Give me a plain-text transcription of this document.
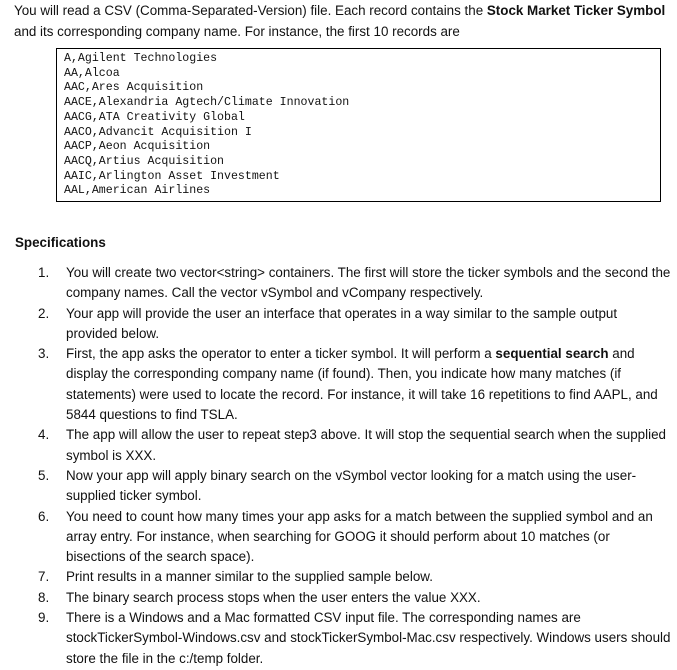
You will read a CSV (Comma-Separated-Version) file. Each record contains the Stock Market Ticker Symbol and its corresponding company name. For instance, the first 10 records are

A,Agilent Technologies
AA,Alcoa
AAC,Ares Acquisition
AACE,Alexandria Agtech/Climate Innovation
AACG,ATA Creativity Global
AACO,Advancit Acquisition I
AACP,Aeon Acquisition
AACQ,Artius Acquisition
AAIC,Arlington Asset Investment
AAL,American Airlines
Specifications
1. You will create two vector<string> containers. The first will store the ticker symbols and the second the company names. Call the vector vSymbol and vCompany respectively.
2. Your app will provide the user an interface that operates in a way similar to the sample output provided below.
3. First, the app asks the operator to enter a ticker symbol. It will perform a sequential search and display the corresponding company name (if found). Then, you indicate how many matches (if statements) were used to locate the record. For instance, it will take 16 repetitions to find AAPL, and 5844 questions to find TSLA.
4. The app will allow the user to repeat step3 above. It will stop the sequential search when the supplied symbol is XXX.
5. Now your app will apply binary search on the vSymbol vector looking for a match using the user-supplied ticker symbol.
6. You need to count how many times your app asks for a match between the supplied symbol and an array entry. For instance, when searching for GOOG it should perform about 10 matches (or bisections of the search space).
7. Print results in a manner similar to the supplied sample below.
8. The binary search process stops when the user enters the value XXX.
9. There is a Windows and a Mac formatted CSV input file. The corresponding names are stockTickerSymbol-Windows.csv and stockTickerSymbol-Mac.csv respectively. Windows users should store the file in the c:/temp folder.
